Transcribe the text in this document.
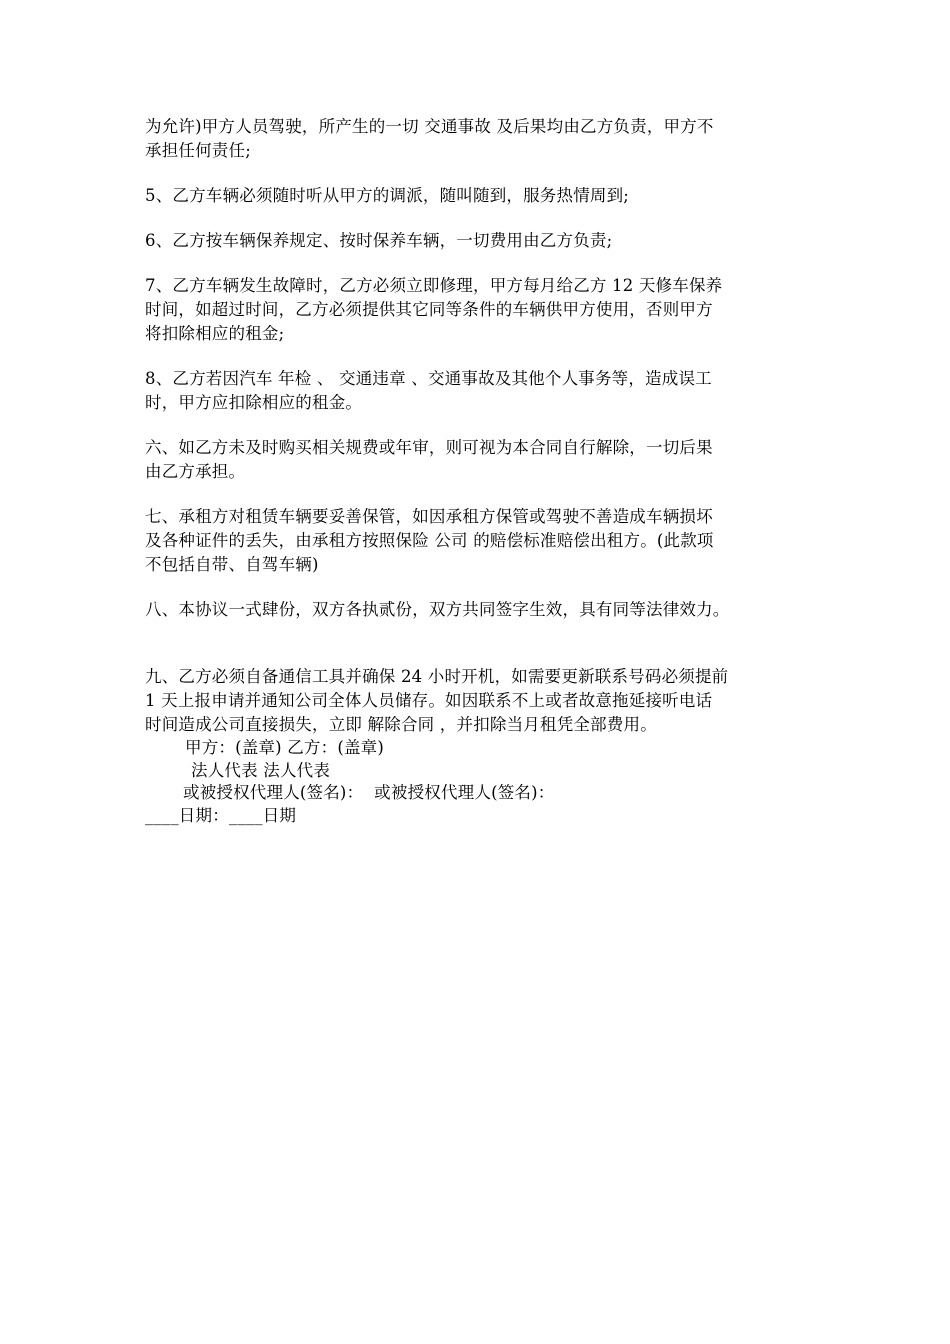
为允许)甲方人员驾驶，所产生的一切 交通事故 及后果均由乙方负责，甲方不
承担任何责任;

5、乙方车辆必须随时听从甲方的调派，随叫随到，服务热情周到;

6、乙方按车辆保养规定、按时保养车辆，一切费用由乙方负责;

7、乙方车辆发生故障时，乙方必须立即修理，甲方每月给乙方 12 天修车保养
时间，如超过时间，乙方必须提供其它同等条件的车辆供甲方使用，否则甲方
将扣除相应的租金;

8、乙方若因汽车 年检 、 交通违章 、交通事故及其他个人事务等，造成误工
时，甲方应扣除相应的租金。

六、如乙方未及时购买相关规费或年审，则可视为本合同自行解除，一切后果
由乙方承担。

七、承租方对租赁车辆要妥善保管，如因承租方保管或驾驶不善造成车辆损坏
及各种证件的丢失，由承租方按照保险 公司 的赔偿标准赔偿出租方。(此款项
不包括自带、自驾车辆)

八、本协议一式肆份，双方各执贰份，双方共同签字生效，具有同等法律效力。

九、乙方必须自备通信工具并确保 24 小时开机，如需要更新联系号码必须提前
1 天上报申请并通知公司全体人员储存。如因联系不上或者故意拖延接听电话
时间造成公司直接损失，立即 解除合同 ，并扣除当月租凭全部费用。

甲方：(盖章) 乙方：(盖章)

法人代表 法人代表

或被授权代理人(签名)：  或被授权代理人(签名)：

____日期：____日期
